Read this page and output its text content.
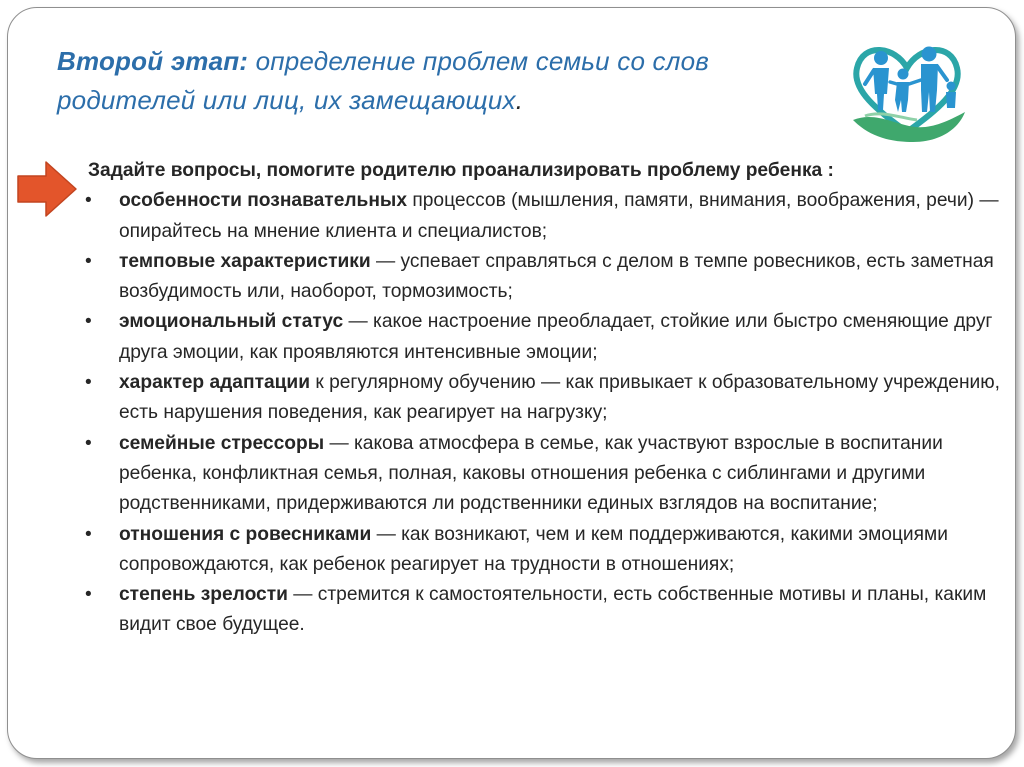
Второй этап: определение проблем семьи со слов родителей или лиц, их замещающих.
Задайте вопросы, помогите родителю проанализировать проблему ребенка :
•	особенности познавательных процессов (мышления, памяти, внимания, воображения, речи) — опирайтесь на мнение клиента и специалистов;
•	темповые характеристики — успевает справляться с делом в темпе ровесников, есть заметная возбудимость или, наоборот, тормозимость;
•	эмоциональный статус — какое настроение преобладает, стойкие или быстро сменяющие друг друга эмоции, как проявляются интенсивные эмоции;
•	характер адаптации к регулярному обучению — как привыкает к образовательному учреждению, есть нарушения поведения, как реагирует на нагрузку;
•	семейные стрессоры — какова атмосфера в семье, как участвуют взрослые в воспитании ребенка, конфликтная семья, полная, каковы отношения ребенка с сиблингами и другими родственниками, придерживаются ли родственники единых взглядов на воспитание;
•	отношения с ровесниками — как возникают, чем и кем поддерживаются, какими эмоциями сопровождаются, как ребенок реагирует на трудности в отношениях;
•	степень зрелости — стремится к самостоятельности, есть собственные мотивы и планы, каким видит свое будущее.
